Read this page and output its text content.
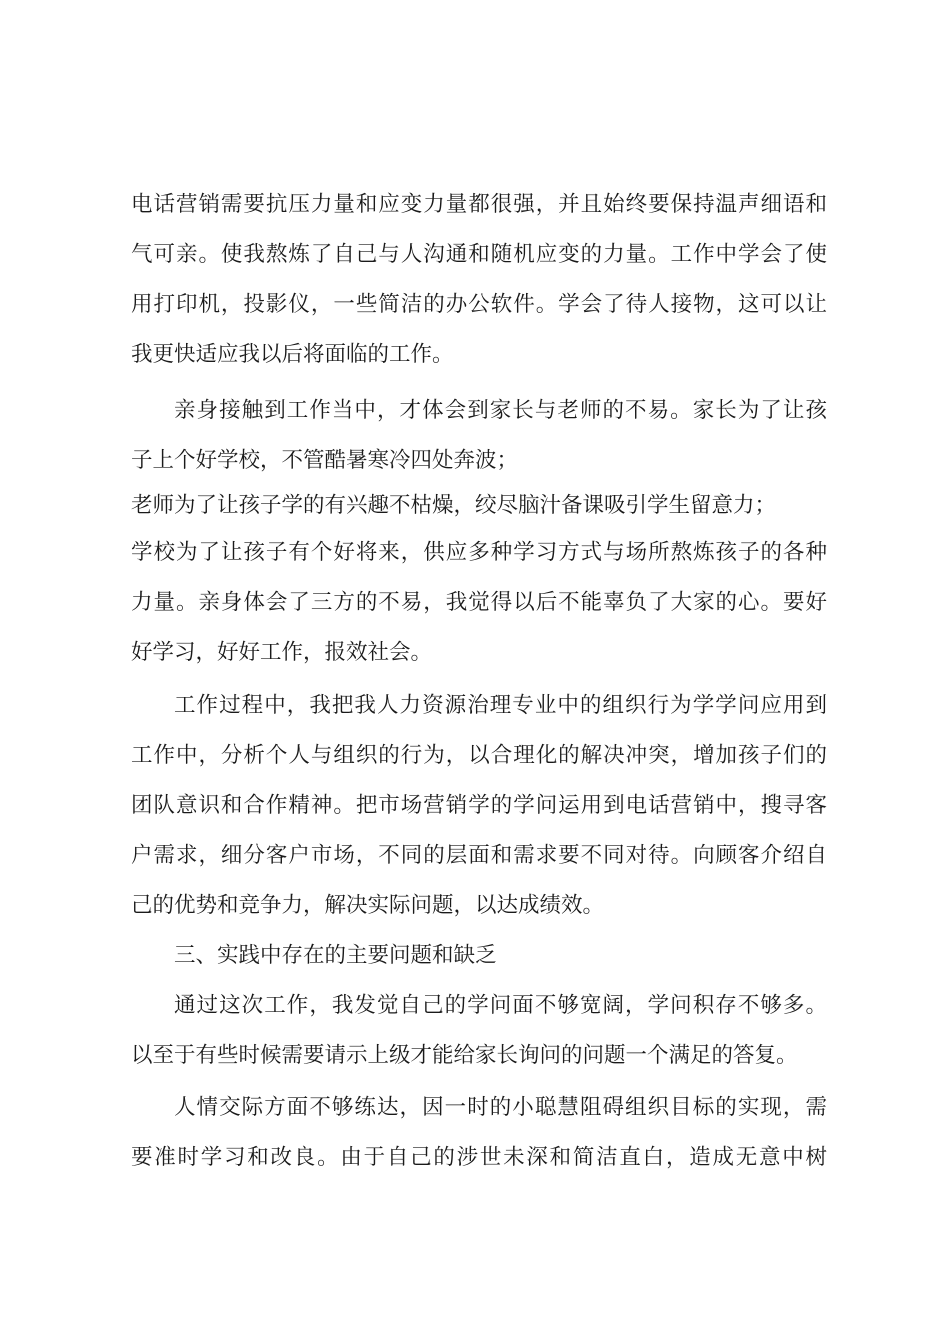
电话营销需要抗压力量和应变力量都很强，并且始终要保持温声细语和
气可亲。使我熬炼了自己与人沟通和随机应变的力量。工作中学会了使
用打印机，投影仪，一些简洁的办公软件。学会了待人接物，这可以让
我更快适应我以后将面临的工作。
亲身接触到工作当中，才体会到家长与老师的不易。家长为了让孩
子上个好学校，不管酷暑寒冷四处奔波；
老师为了让孩子学的有兴趣不枯燥，绞尽脑汁备课吸引学生留意力；
学校为了让孩子有个好将来，供应多种学习方式与场所熬炼孩子的各种
力量。亲身体会了三方的不易，我觉得以后不能辜负了大家的心。要好
好学习，好好工作，报效社会。
工作过程中，我把我人力资源治理专业中的组织行为学学问应用到
工作中，分析个人与组织的行为，以合理化的解决冲突，增加孩子们的
团队意识和合作精神。把市场营销学的学问运用到电话营销中，搜寻客
户需求，细分客户市场，不同的层面和需求要不同对待。向顾客介绍自
己的优势和竞争力，解决实际问题，以达成绩效。
三、实践中存在的主要问题和缺乏
通过这次工作，我发觉自己的学问面不够宽阔，学问积存不够多。
以至于有些时候需要请示上级才能给家长询问的问题一个满足的答复。
人情交际方面不够练达，因一时的小聪慧阻碍组织目标的实现，需
要准时学习和改良。由于自己的涉世未深和简洁直白，造成无意中树
